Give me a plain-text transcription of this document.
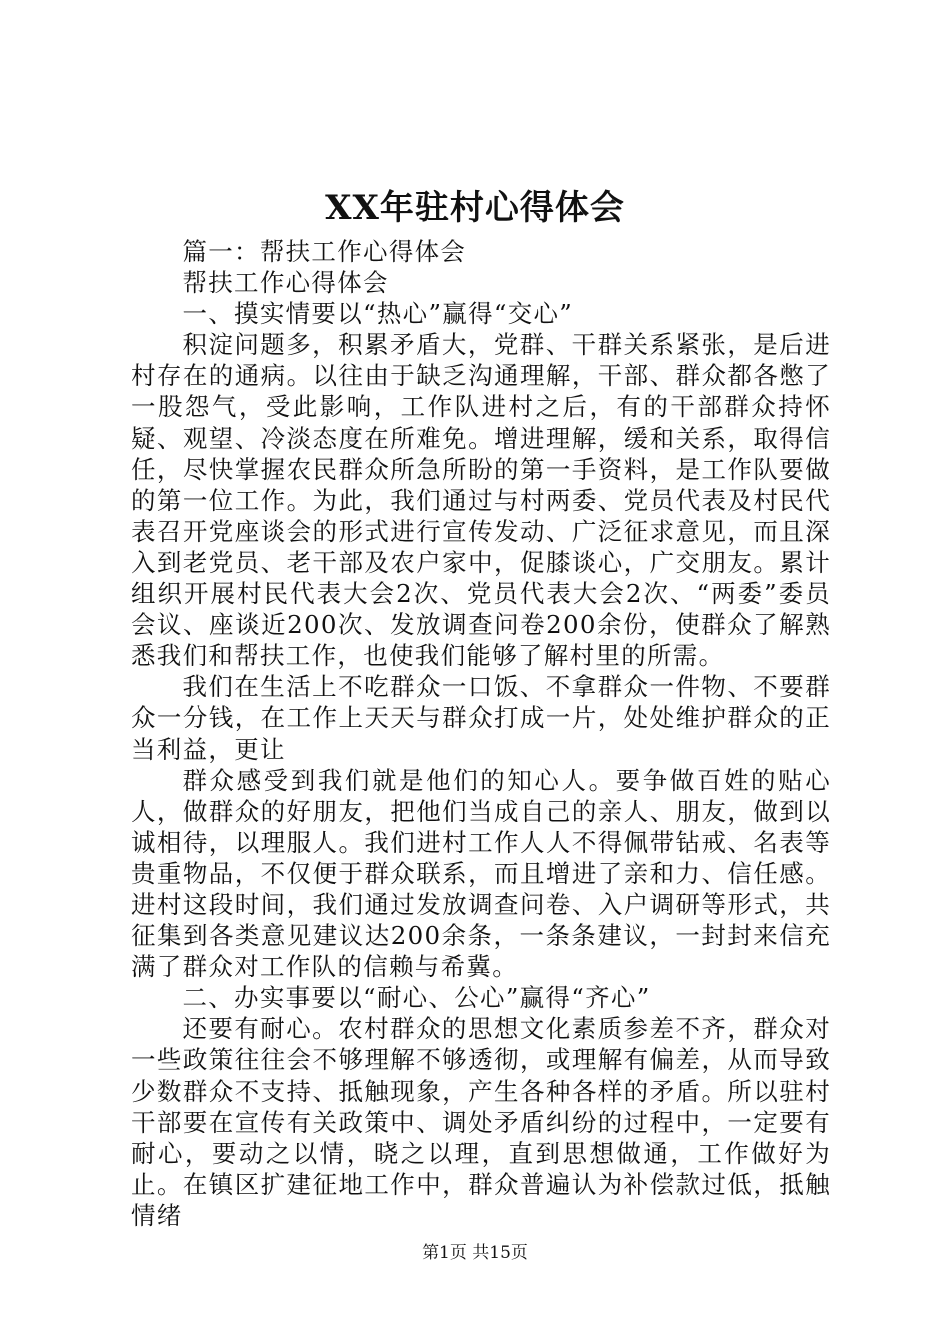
XX年驻村心得体会

篇一：帮扶工作心得体会

帮扶工作心得体会

一、摸实情要以“热心”赢得“交心”

积淀问题多，积累矛盾大，党群、干群关系紧张，是后进村存在的通病。以往由于缺乏沟通理解，干部、群众都各憋了一股怨气，受此影响，工作队进村之后，有的干部群众持怀疑、观望、冷淡态度在所难免。增进理解，缓和关系，取得信任，尽快掌握农民群众所急所盼的第一手资料，是工作队要做的第一位工作。为此，我们通过与村两委、党员代表及村民代表召开党座谈会的形式进行宣传发动、广泛征求意见，而且深入到老党员、老干部及农户家中，促膝谈心，广交朋友。累计组织开展村民代表大会2次、党员代表大会2次、“两委”委员会议、座谈近200次、发放调查问卷200余份，使群众了解熟悉我们和帮扶工作，也使我们能够了解村里的所需。

我们在生活上不吃群众一口饭、不拿群众一件物、不要群众一分钱，在工作上天天与群众打成一片，处处维护群众的正当利益，更让

群众感受到我们就是他们的知心人。要争做百姓的贴心人，做群众的好朋友，把他们当成自己的亲人、朋友，做到以诚相待，以理服人。我们进村工作人人不得佩带钻戒、名表等贵重物品，不仅便于群众联系，而且增进了亲和力、信任感。进村这段时间，我们通过发放调查问卷、入户调研等形式，共征集到各类意见建议达200余条，一条条建议，一封封来信充满了群众对工作队的信赖与希冀。

二、办实事要以“耐心、公心”赢得“齐心”

还要有耐心。农村群众的思想文化素质参差不齐，群众对一些政策往往会不够理解不够透彻，或理解有偏差，从而导致少数群众不支持、抵触现象，产生各种各样的矛盾。所以驻村干部要在宣传有关政策中、调处矛盾纠纷的过程中，一定要有耐心，要动之以情，晓之以理，直到思想做通，工作做好为止。在镇区扩建征地工作中，群众普遍认为补偿款过低，抵触情绪

第1页 共15页
